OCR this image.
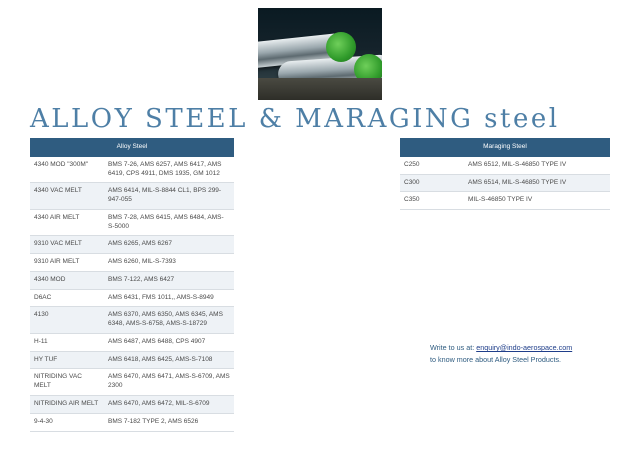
ALLOY STEEL & MARAGING steel
Alloy Steel	
4340 MOD "300M"	BMS 7-26, AMS 6257, AMS 6417, AMS 6419, CPS 4911, DMS 1935, GM 1012
4340 VAC MELT	AMS 6414, MIL-S-8844 CL1, BPS 299-947-055
4340 AIR MELT	BMS 7-28, AMS 6415, AMS 6484, AMS-S-5000
9310 VAC MELT	AMS 6265, AMS 6267
9310 AIR MELT	AMS 6260, MIL-S-7393
4340 MOD	BMS 7-122, AMS 6427
D6AC	AMS 6431, FMS 1011,, AMS-S-8949
4130	AMS 6370, AMS 6350, AMS 6345, AMS 6348, AMS-S-6758, AMS-S-18729
H-11	AMS 6487, AMS 6488, CPS 4907
HY TUF	AMS 6418, AMS 6425, AMS-S-7108
NITRIDING VAC MELT	AMS 6470, AMS 6471, AMS-S-6709, AMS 2300
NITRIDING AIR MELT	AMS 6470, AMS 6472, MIL-S-6709
9-4-30	BMS 7-182 TYPE 2, AMS 6526
Maraging Steel	
C250	AMS 6512, MIL-S-46850 TYPE IV
C300	AMS 6514, MIL-S-46850 TYPE IV
C350	MIL-S-46850 TYPE IV
Write to us at: enquiry@indo-aerospace.com
to know more about Alloy Steel Products.
